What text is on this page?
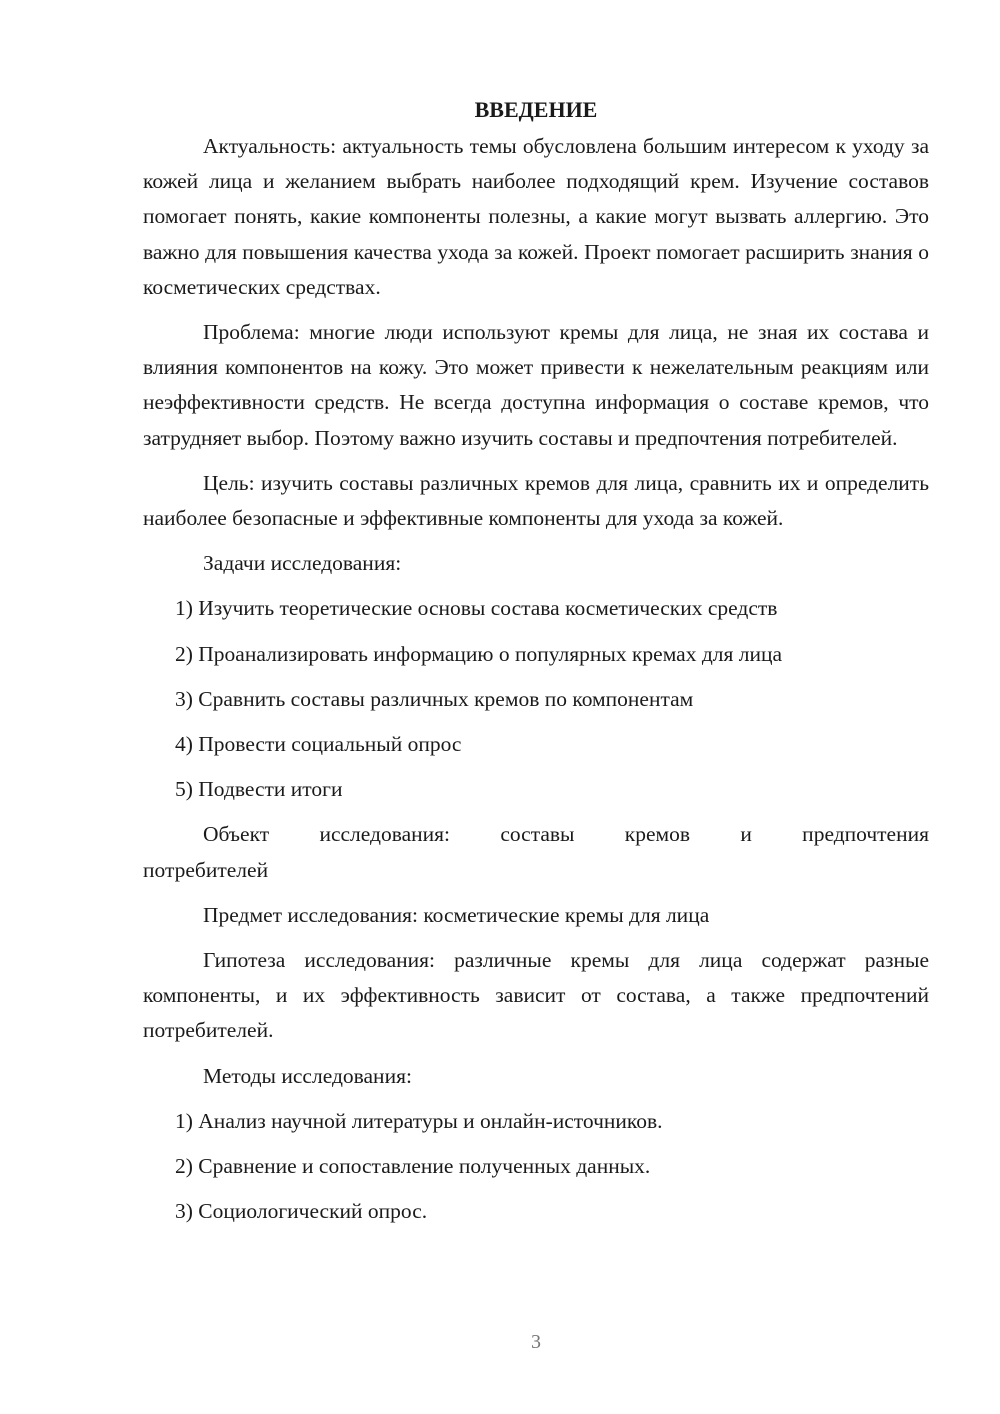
ВВЕДЕНИЕ

Актуальность: актуальность темы обусловлена большим интересом к уходу за кожей лица и желанием выбрать наиболее подходящий крем. Изучение составов помогает понять, какие компоненты полезны, а какие могут вызвать аллергию. Это важно для повышения качества ухода за кожей. Проект помогает расширить знания о косметических средствах.

Проблема: многие люди используют кремы для лица, не зная их состава и влияния компонентов на кожу. Это может привести к нежелательным реакциям или неэффективности средств. Не всегда доступна информация о составе кремов, что затрудняет выбор. Поэтому важно изучить составы и предпочтения потребителей.

Цель: изучить составы различных кремов для лица, сравнить их и определить наиболее безопасные и эффективные компоненты для ухода за кожей.

Задачи исследования:

1) Изучить теоретические основы состава косметических средств

2) Проанализировать информацию о популярных кремах для лица

3) Сравнить составы различных кремов по компонентам

4) Провести социальный опрос

5) Подвести итоги

Объект исследования: составы кремов и предпочтения

потребителей

Предмет исследования: косметические кремы для лица

Гипотеза исследования: различные кремы для лица содержат разные компоненты, и их эффективность зависит от состава, а также предпочтений потребителей.

Методы исследования:

1) Анализ научной литературы и онлайн-источников.

2) Сравнение и сопоставление полученных данных.

3) Социологический опрос.

3
